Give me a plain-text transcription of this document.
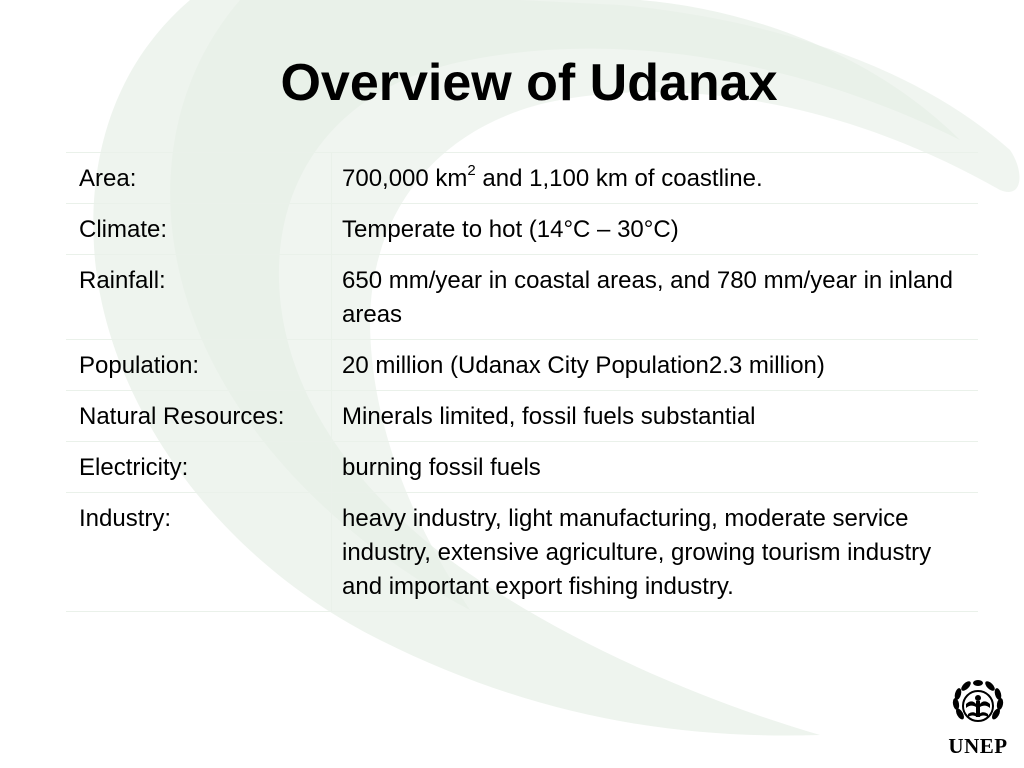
Overview of Udanax
Area:	700,000 $km^2$ and 1,100 km of coastline.
Climate:	Temperate to hot (14°C – 30°C)
Rainfall:	650 mm/year in coastal areas, and 780 mm/year in inland areas
Population:	20 million (Udanax City Population2.3 million)
Natural Resources:	Minerals limited, fossil fuels substantial
Electricity:	burning fossil fuels
Industry:	heavy industry, light manufacturing, moderate service industry, extensive agriculture, growing tourism industry and important export fishing industry.
UNEP
